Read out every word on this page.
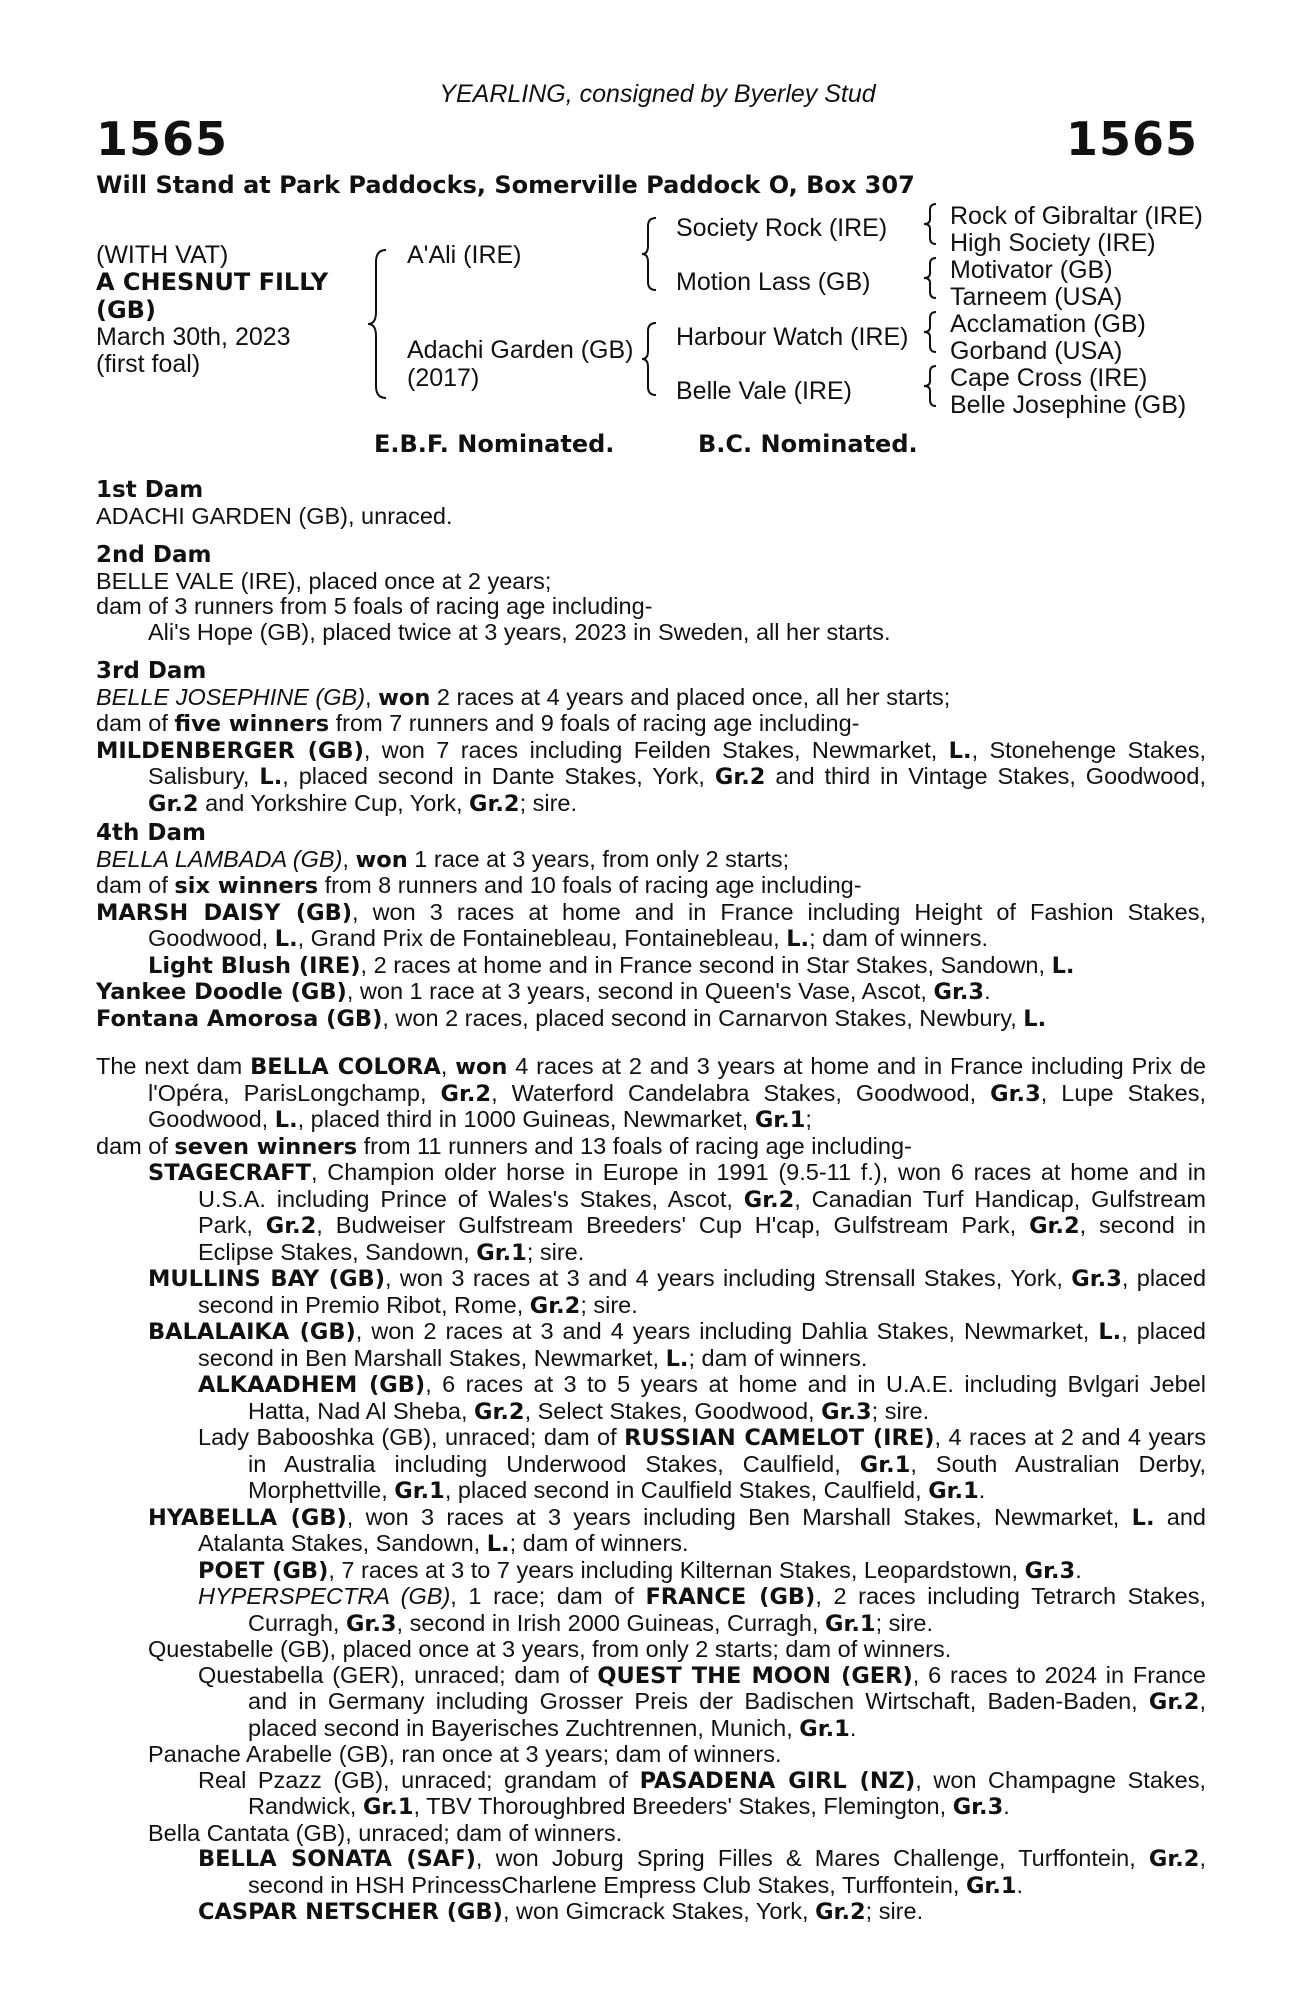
YEARLING, consigned by Byerley Stud
1565	1565
Will Stand at Park Paddocks, Somerville Paddock O, Box 307
(WITH VAT)
A CHESNUT FILLY
(GB)
March 30th, 2023
(first foal)
A'Ali (IRE)
Adachi Garden (GB)
(2017)
Society Rock (IRE)
Motion Lass (GB)
Harbour Watch (IRE)
Belle Vale (IRE)
Rock of Gibraltar (IRE)
High Society (IRE)
Motivator (GB)
Tarneem (USA)
Acclamation (GB)
Gorband (USA)
Cape Cross (IRE)
Belle Josephine (GB)
E.B.F. Nominated.	B.C. Nominated.
1st Dam
ADACHI GARDEN (GB), unraced.
2nd Dam
BELLE VALE (IRE), placed once at 2 years;
dam of 3 runners from 5 foals of racing age including-
Ali's Hope (GB), placed twice at 3 years, 2023 in Sweden, all her starts.
3rd Dam
BELLE JOSEPHINE (GB), won 2 races at 4 years and placed once, all her starts;
dam of five winners from 7 runners and 9 foals of racing age including-
MILDENBERGER (GB), won 7 races including Feilden Stakes, Newmarket, L., Stonehenge Stakes, Salisbury, L., placed second in Dante Stakes, York, Gr.2 and third in Vintage Stakes, Goodwood, Gr.2 and Yorkshire Cup, York, Gr.2; sire.
4th Dam
BELLA LAMBADA (GB), won 1 race at 3 years, from only 2 starts;
dam of six winners from 8 runners and 10 foals of racing age including-
MARSH DAISY (GB), won 3 races at home and in France including Height of Fashion Stakes, Goodwood, L., Grand Prix de Fontainebleau, Fontainebleau, L.; dam of winners.
Light Blush (IRE), 2 races at home and in France second in Star Stakes, Sandown, L.
Yankee Doodle (GB), won 1 race at 3 years, second in Queen's Vase, Ascot, Gr.3.
Fontana Amorosa (GB), won 2 races, placed second in Carnarvon Stakes, Newbury, L.
The next dam BELLA COLORA, won 4 races at 2 and 3 years at home and in France including Prix de l'Opéra, ParisLongchamp, Gr.2, Waterford Candelabra Stakes, Goodwood, Gr.3, Lupe Stakes, Goodwood, L., placed third in 1000 Guineas, Newmarket, Gr.1;
dam of seven winners from 11 runners and 13 foals of racing age including-
STAGECRAFT, Champion older horse in Europe in 1991 (9.5-11 f.), won 6 races at home and in U.S.A. including Prince of Wales's Stakes, Ascot, Gr.2, Canadian Turf Handicap, Gulfstream Park, Gr.2, Budweiser Gulfstream Breeders' Cup H'cap, Gulfstream Park, Gr.2, second in Eclipse Stakes, Sandown, Gr.1; sire.
MULLINS BAY (GB), won 3 races at 3 and 4 years including Strensall Stakes, York, Gr.3, placed second in Premio Ribot, Rome, Gr.2; sire.
BALALAIKA (GB), won 2 races at 3 and 4 years including Dahlia Stakes, Newmarket, L., placed second in Ben Marshall Stakes, Newmarket, L.; dam of winners.
ALKAADHEM (GB), 6 races at 3 to 5 years at home and in U.A.E. including Bvlgari Jebel Hatta, Nad Al Sheba, Gr.2, Select Stakes, Goodwood, Gr.3; sire.
Lady Babooshka (GB), unraced; dam of RUSSIAN CAMELOT (IRE), 4 races at 2 and 4 years in Australia including Underwood Stakes, Caulfield, Gr.1, South Australian Derby, Morphettville, Gr.1, placed second in Caulfield Stakes, Caulfield, Gr.1.
HYABELLA (GB), won 3 races at 3 years including Ben Marshall Stakes, Newmarket, L. and Atalanta Stakes, Sandown, L.; dam of winners.
POET (GB), 7 races at 3 to 7 years including Kilternan Stakes, Leopardstown, Gr.3.
HYPERSPECTRA (GB), 1 race; dam of FRANCE (GB), 2 races including Tetrarch Stakes, Curragh, Gr.3, second in Irish 2000 Guineas, Curragh, Gr.1; sire.
Questabelle (GB), placed once at 3 years, from only 2 starts; dam of winners.
Questabella (GER), unraced; dam of QUEST THE MOON (GER), 6 races to 2024 in France and in Germany including Grosser Preis der Badischen Wirtschaft, Baden-Baden, Gr.2, placed second in Bayerisches Zuchtrennen, Munich, Gr.1.
Panache Arabelle (GB), ran once at 3 years; dam of winners.
Real Pzazz (GB), unraced; grandam of PASADENA GIRL (NZ), won Champagne Stakes, Randwick, Gr.1, TBV Thoroughbred Breeders' Stakes, Flemington, Gr.3.
Bella Cantata (GB), unraced; dam of winners.
BELLA SONATA (SAF), won Joburg Spring Filles & Mares Challenge, Turffontein, Gr.2, second in HSH PrincessCharlene Empress Club Stakes, Turffontein, Gr.1.
CASPAR NETSCHER (GB), won Gimcrack Stakes, York, Gr.2; sire.
